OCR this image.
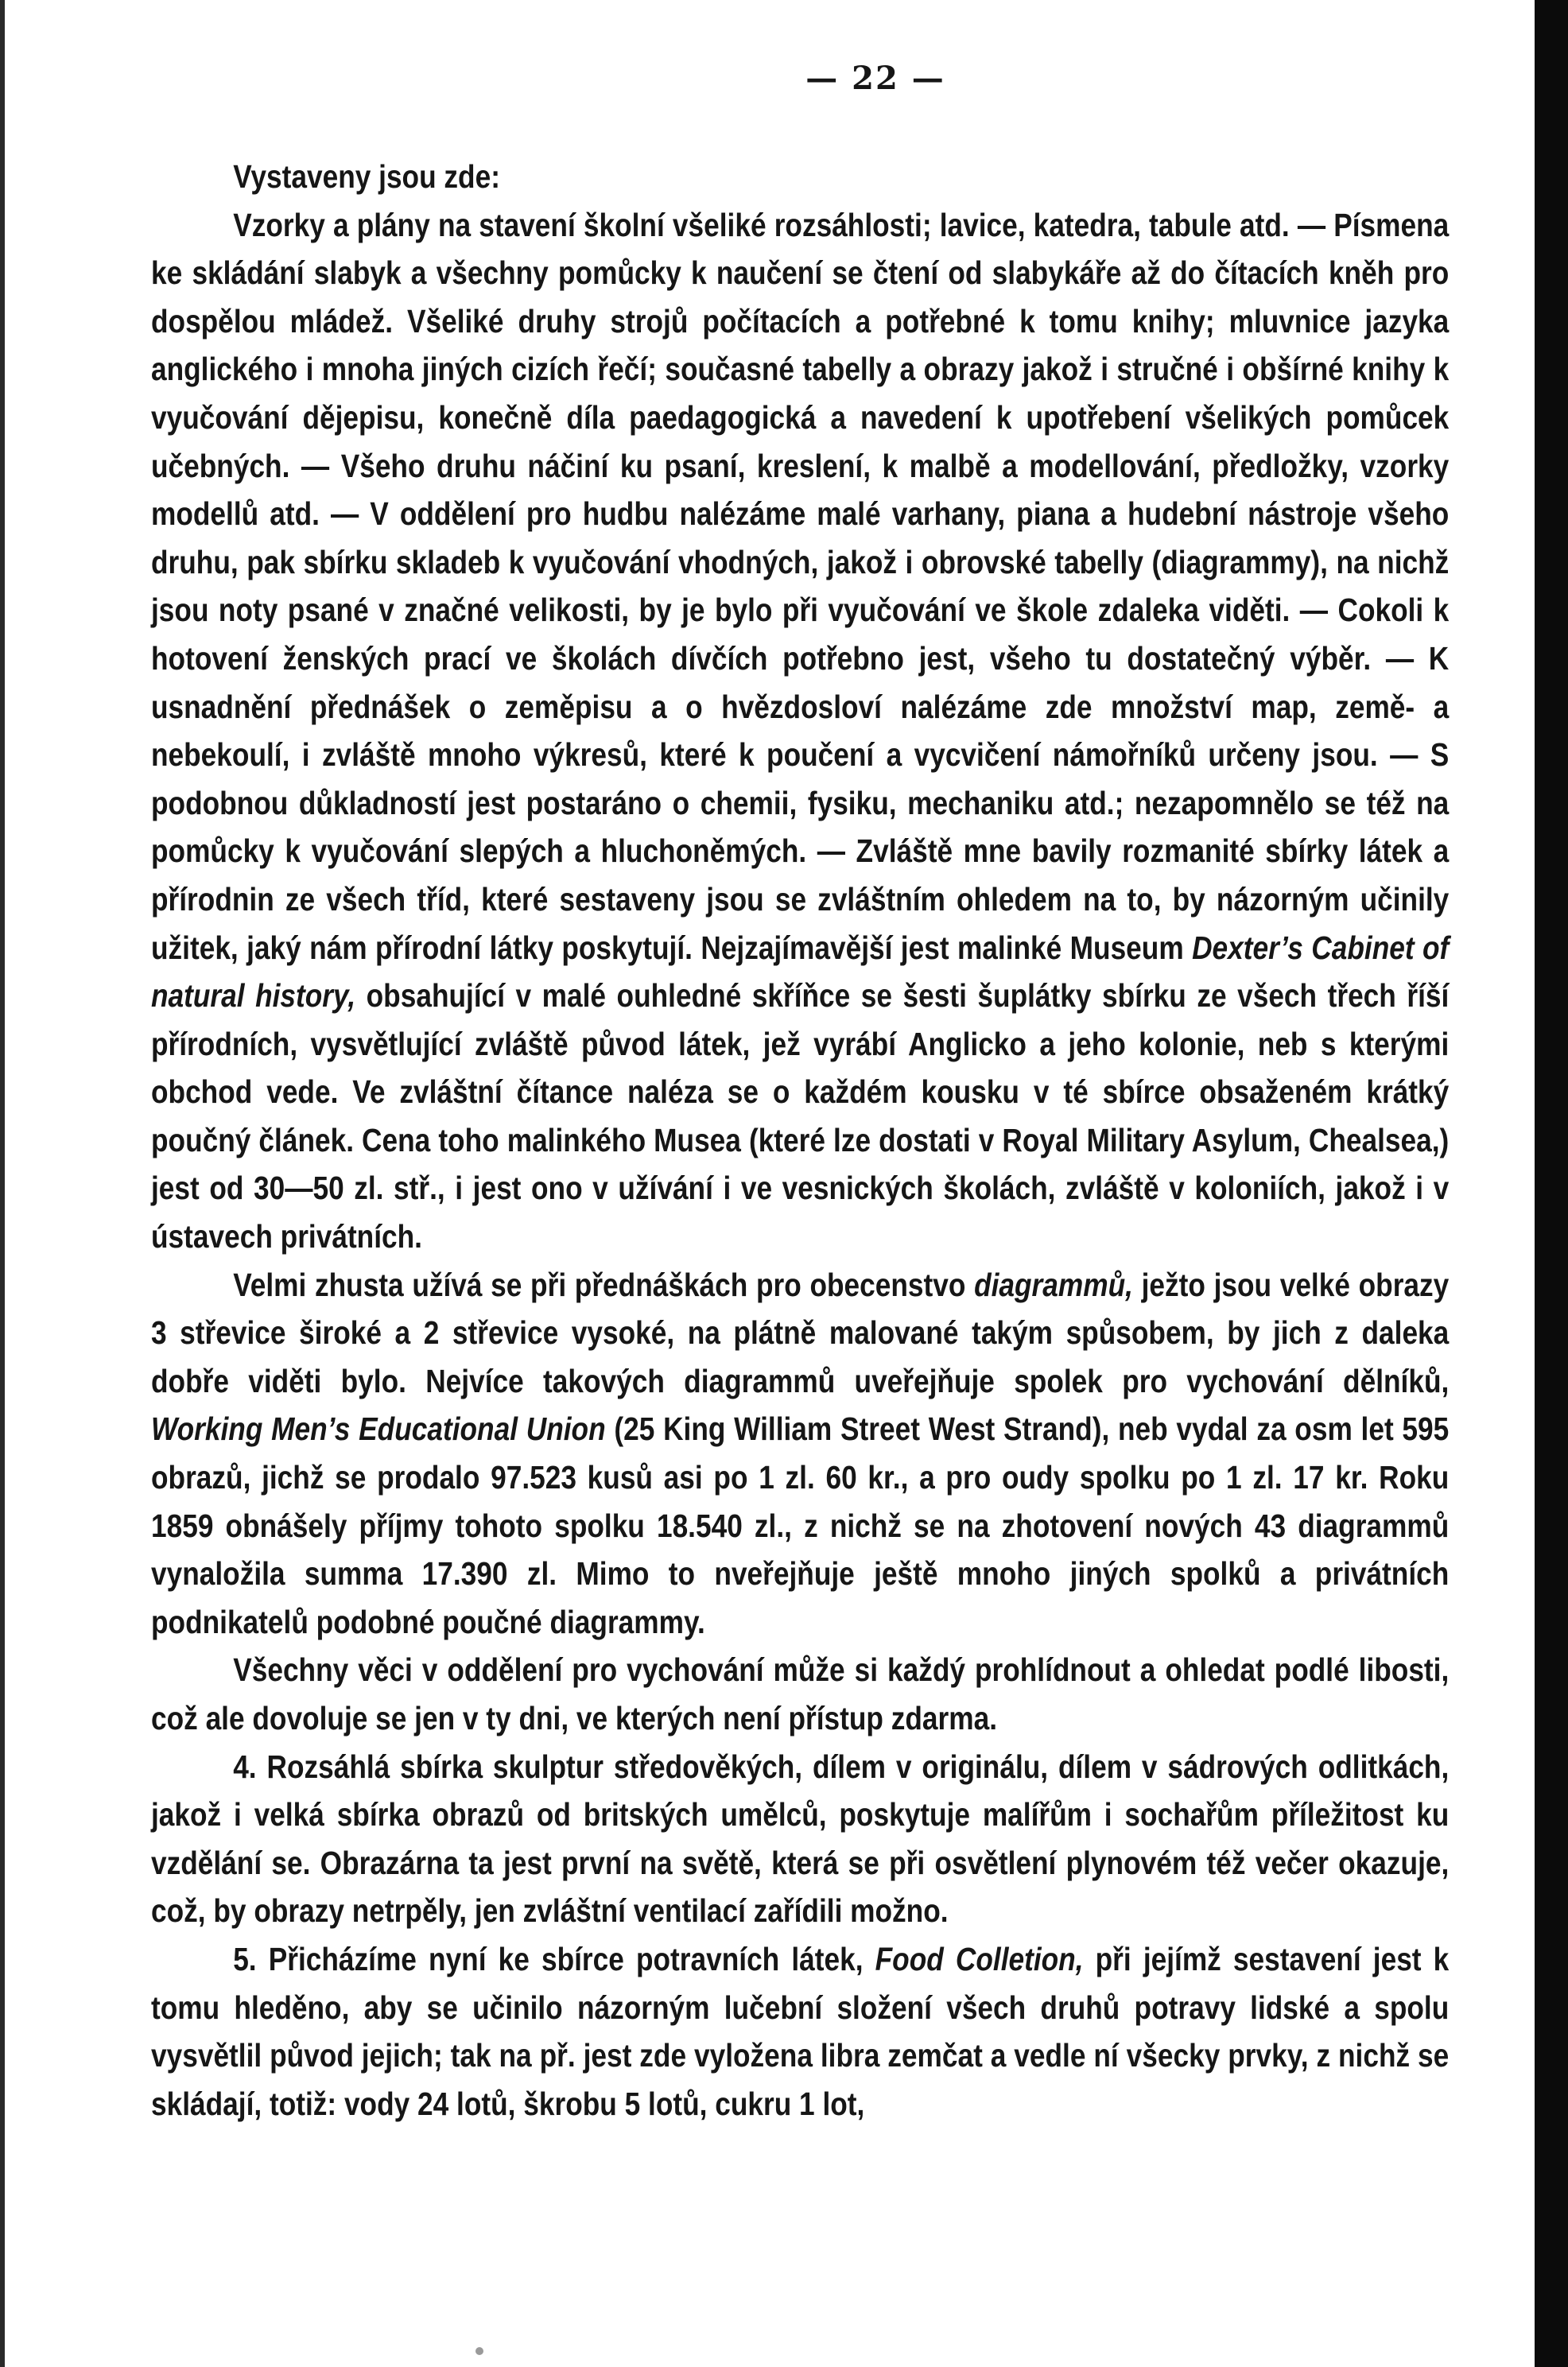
— 22 —

Vystaveny jsou zde:

Vzorky a plány na stavení školní všeliké rozsáhlosti; lavice, katedra, tabule atd. — Písmena ke skládání slabyk a všechny pomůcky k naučení se čtení od slabykáře až do čítacích kněh pro dospělou mládež. Všeliké druhy strojů počítacích a potřebné k tomu knihy; mluvnice jazyka anglického i mnoha jiných cizích řečí; současné tabelly a obrazy jakož i stručné i obšírné knihy k vyučování dějepisu, konečně díla paedagogická a navedení k upotřebení všelikých pomůcek učebných. — Všeho druhu náčiní ku psaní, kreslení, k malbě a modellování, předložky, vzorky modellů atd. — V oddělení pro hudbu nalézáme malé varhany, piana a hudební nástroje všeho druhu, pak sbírku skladeb k vyučování vhodných, jakož i obrovské tabelly (diagrammy), na nichž jsou noty psané v značné velikosti, by je bylo při vyučování ve škole zdaleka viděti. — Cokoli k hotovení ženských prací ve školách dívčích potřebno jest, všeho tu dostatečný výběr. — K usnadnění přednášek o zeměpisu a o hvězdosloví nalézáme zde množství map, země- a nebekoulí, i zvláště mnoho výkresů, které k poučení a vycvičení námořníků určeny jsou. — S podobnou důkladností jest postaráno o chemii, fysiku, mechaniku atd.; nezapomnělo se též na pomůcky k vyučování slepých a hluchoněmých. — Zvláště mne bavily rozmanité sbírky látek a přírodnin ze všech tříd, které sestaveny jsou se zvláštním ohledem na to, by názorným učinily užitek, jaký nám přírodní látky poskytují. Nejzajímavější jest malinké Museum Dexter’s Cabinet of natural history, obsahující v malé ouhledné skříňce se šesti šuplátky sbírku ze všech třech říší přírodních, vysvětlující zvláště původ látek, jež vyrábí Anglicko a jeho kolonie, neb s kterými obchod vede. Ve zvláštní čítance naléza se o každém kousku v té sbírce obsaženém krátký poučný článek. Cena toho malinkého Musea (které lze dostati v Royal Military Asylum, Chealsea,) jest od 30—50 zl. stř., i jest ono v užívání i ve vesnických školách, zvláště v koloniích, jakož i v ústavech privátních.

Velmi zhusta užívá se při přednáškách pro obecenstvo diagrammů, ježto jsou velké obrazy 3 střevice široké a 2 střevice vysoké, na plátně malované takým spůsobem, by jich z daleka dobře viděti bylo. Nejvíce takových diagrammů uveřejňuje spolek pro vychování dělníků, Working Men’s Educational Union (25 King William Street West Strand), neb vydal za osm let 595 obrazů, jichž se prodalo 97.523 kusů asi po 1 zl. 60 kr., a pro oudy spolku po 1 zl. 17 kr. Roku 1859 obnášely příjmy tohoto spolku 18.540 zl., z nichž se na zhotovení nových 43 diagrammů vynaložila summa 17.390 zl. Mimo to nveřejňuje ještě mnoho jiných spolků a privátních podnikatelů podobné poučné diagrammy.

Všechny věci v oddělení pro vychování může si každý prohlídnout a ohledat podlé libosti, což ale dovoluje se jen v ty dni, ve kterých není přístup zdarma.

4. Rozsáhlá sbírka skulptur středověkých, dílem v originálu, dílem v sádrových odlitkách, jakož i velká sbírka obrazů od britských umělců, poskytuje malířům i sochařům příležitost ku vzdělání se. Obrazárna ta jest první na světě, která se při osvětlení plynovém též večer okazuje, což, by obrazy netrpěly, jen zvláštní ventilací zařídili možno.

5. Přicházíme nyní ke sbírce potravních látek, Food Colletion, při jejímž sestavení jest k tomu hleděno, aby se učinilo názorným lučební složení všech druhů potravy lidské a spolu vysvětlil původ jejich; tak na př. jest zde vyložena libra zemčat a vedle ní všecky prvky, z nichž se skládají, totiž: vody 24 lotů, škrobu 5 lotů, cukru 1 lot,
